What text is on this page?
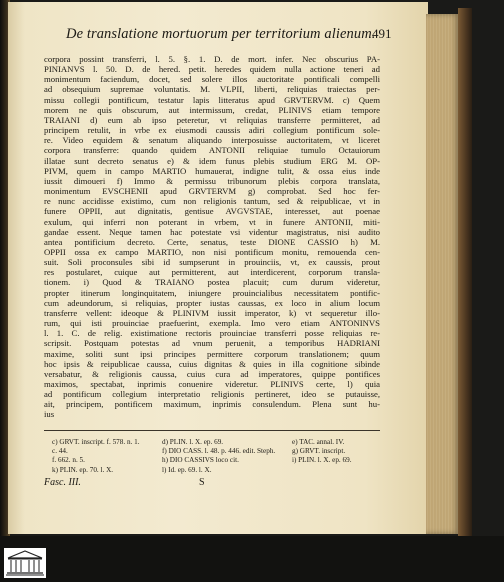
De translatione mortuorum per territorium alienum.
491
corpora possint transferri, l. 5. §. 1. D. de mort. infer. Nec obscurius PA-
PINIANVS l. 50. D. de hered. petit. heredes quidem nulla actione teneri ad
monimentum faciendum, docet, sed solere illos auctoritate pontificali compelli
ad obsequium supremae voluntatis. M. VLPII, liberti, reliquias traiectas per-
missu collegii pontificum, testatur lapis litteratus apud GRVTERVM. c) Quem
morem ne quis obscurum, aut intermissum, credat, PLINIVS etiam tempore
TRAIANI d) eum ab ipso peteretur, vt reliquias transferre permitteret, ad
principem retulit, in vrbe ex eiusmodi caussis adiri collegium pontificum sole-
re. Video equidem & senatum aliquando interposuisse auctoritatem, vt liceret
corpora transferre: quando quidem ANTONII reliquiae tumulo Octauiorum
illatae sunt decreto senatus e) & idem funus plebis studium ERG M. OP-
PIVM, quem in campo MARTIO humauerat, indigne tulit, & ossa eius inde
iussit dimoueri f) Immo & permissu tribunorum plebis corpora translata,
monimentum EVSCHENII apud GRVTERVM g) comprobat. Sed hoc fer-
re nunc accidisse existimo, cum non religionis tantum, sed & reipublicae, vt in
funere OPPII, aut dignitatis, gentisue AVGVSTAE, interesset, aut poenae
exulum, qui inferri non poterant in vrbem, vt in funere ANTONII, miti-
gandae essent. Neque tamen hac potestate vsi videntur magistratus, nisi audito
antea pontificium decreto. Certe, senatus, teste DIONE CASSIO h) M.
OPPII ossa ex campo MARTIO, non nisi pontificum monitu, remouenda cen-
suit. Soli proconsules sibi id sumpserunt in prouinciis, vt, ex caussis, prout
res postularet, cuique aut permitterent, aut interdicerent, corporum transla-
tionem. i) Quod & TRAIANO postea placuit; cum durum videretur,
propter itinerum longinquitatem, iniungere prouincialibus necessitatem pontific-
cum adeundorum, si reliquias, propter iustas caussas, ex loco in alium locum
transferre vellent: ideoque & PLINIVM iussit imperator, k) vt sequeretur illo-
rum, qui isti prouinciae praefuerint, exempla. Imo vero etiam ANTONINVS
l. 1. C. de relig. existimatione rectoris prouinciae transferri posse reliquias re-
scripsit. Postquam potestas ad vnum peruenit, a temporibus HADRIANI
maxime, soliti sunt ipsi principes permittere corporum translationem; quum
hoc ipsis & reipublicae caussa, cuius dignitas & quies in illa cognitione sibinde
versabatur, & religionis caussa, cuius cura ad imperatores, quippe pontifices
maximos, spectabat, inprimis conuenire videretur. PLINIVS certe, l) quia
ad pontificum collegium interpretatio religionis pertineret, ideo se putauisse,
ait, principem, pontificem maximum, inprimis consulendum. Plena sunt hu-
ius
c) GRVT. inscript. f. 578. n. 1.	d) PLIN. l. X. ep. 69.	e) TAC. annal. IV.
c. 44.	f) DIO CASS. l. 48. p. 446. edit. Steph.	g) GRVT. inscript.
f. 662. n. 5.	h) DIO CASSIVS loco cit.	i) PLIN. l. X. ep. 69.
k) PLIN. ep. 70. l. X.	l) Id. ep. 69. l. X.
Fasc. III.	S
